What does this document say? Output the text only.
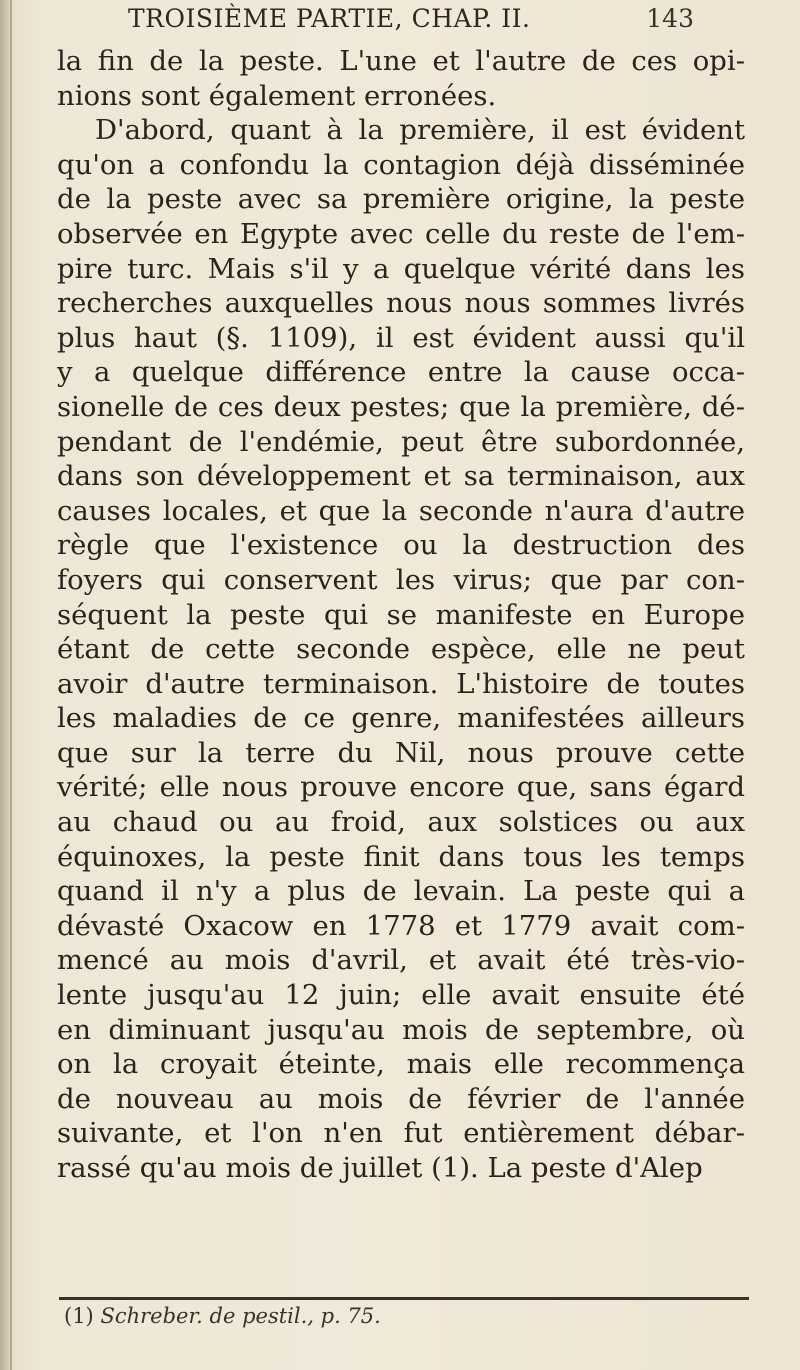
TROISIÈME PARTIE, CHAP. II.	143
la fin de la peste. L'une et l'autre de ces opi-
nions sont également erronées.
D'abord, quant à la première, il est évident
qu'on a confondu la contagion déjà disséminée
de la peste avec sa première origine, la peste
observée en Egypte avec celle du reste de l'em-
pire turc. Mais s'il y a quelque vérité dans les
recherches auxquelles nous nous sommes livrés
plus haut (§. 1109), il est évident aussi qu'il
y a quelque différence entre la cause occa-
sionelle de ces deux pestes; que la première, dé-
pendant de l'endémie, peut être subordonnée,
dans son développement et sa terminaison, aux
causes locales, et que la seconde n'aura d'autre
règle que l'existence ou la destruction des
foyers qui conservent les virus; que par con-
séquent la peste qui se manifeste en Europe
étant de cette seconde espèce, elle ne peut
avoir d'autre terminaison. L'histoire de toutes
les maladies de ce genre, manifestées ailleurs
que sur la terre du Nil, nous prouve cette
vérité; elle nous prouve encore que, sans égard
au chaud ou au froid, aux solstices ou aux
équinoxes, la peste finit dans tous les temps
quand il n'y a plus de levain. La peste qui a
dévasté Oxacow en 1778 et 1779 avait com-
mencé au mois d'avril, et avait été très-vio-
lente jusqu'au 12 juin; elle avait ensuite été
en diminuant jusqu'au mois de septembre, où
on la croyait éteinte, mais elle recommença
de nouveau au mois de février de l'année
suivante, et l'on n'en fut entièrement débar-
rassé qu'au mois de juillet (1). La peste d'Alep
(1) Schreber. de pestil., p. 75.
